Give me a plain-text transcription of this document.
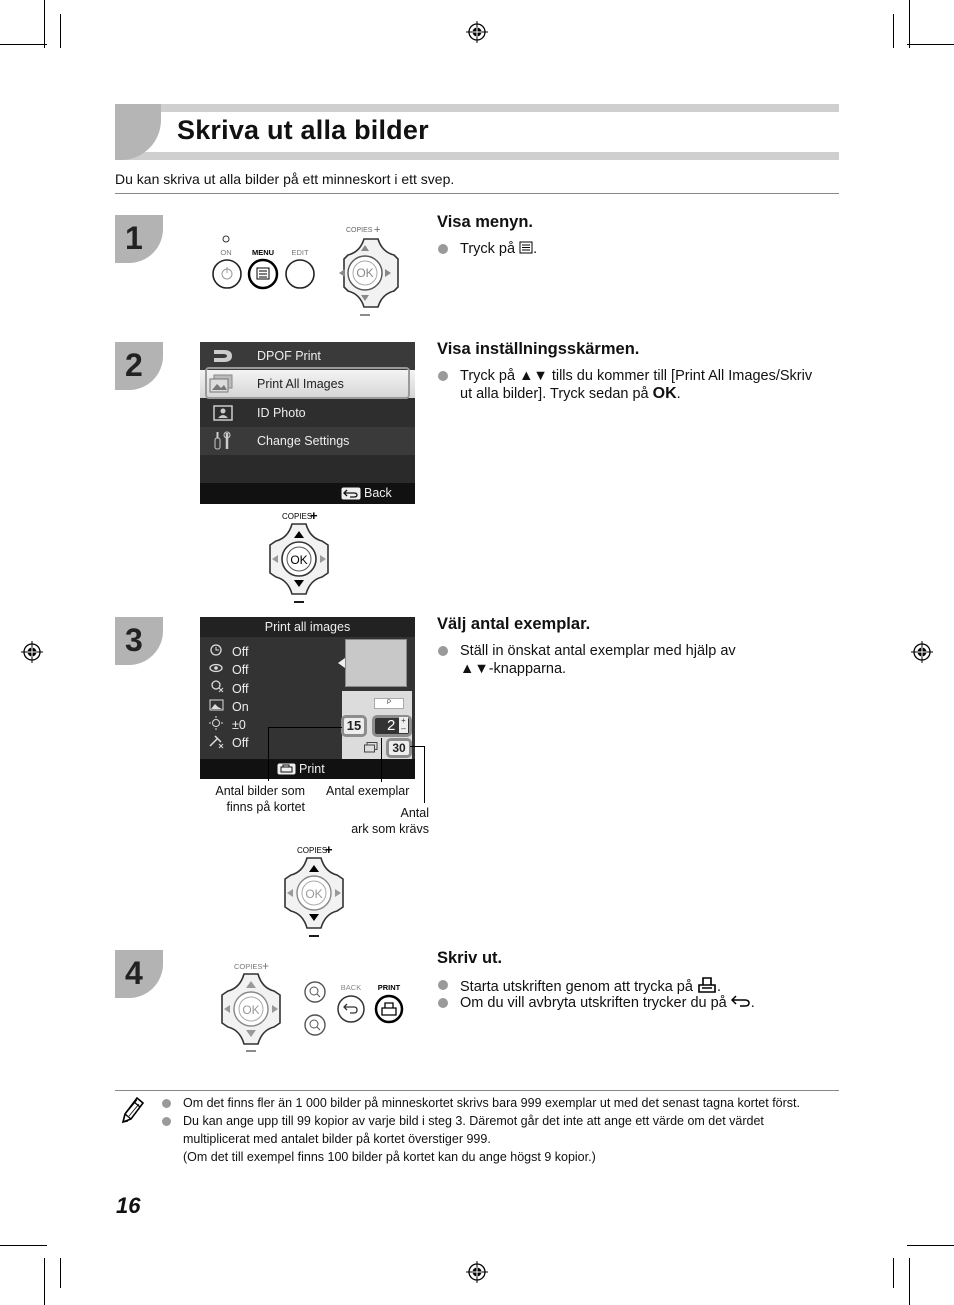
Skriva ut alla bilder
Du kan skriva ut alla bilder på ett minneskort i ett svep.
1	ON	MENU EDIT
COPIES +
OK
Visa menyn.
Tryck på .
2	DPOF Print
Print All Images
ID Photo
Change Settings
Back
COPIES
+
OK
Visa inställningsskärmen.
Tryck på ▲▼ tills du kommer till [Print All Images/Skriv
ut alla bilder]. Tryck sedan på OK.
3	Print all images
Off
Off
Off
On
±0
Off
P
15	2 +
–
30
Print
Antal bilder som
finns på kortet
Antal exemplar
Antal
ark som krävs
COPIES
+
OK
Välj antal exemplar.
Ställ in önskat antal exemplar med hjälp av
▲▼-knapparna.
4	COPIES +
OK
BACK PRINT
Skriv ut.
Starta utskriften genom att trycka på .
Om du vill avbryta utskriften trycker du på .
Om det finns fler än 1 000 bilder på minneskortet skrivs bara 999 exemplar ut med det senast tagna kortet först.
Du kan ange upp till 99 kopior av varje bild i steg 3. Däremot går det inte att ange ett värde om det värdet
multiplicerat med antalet bilder på kortet överstiger 999.
(Om det till exempel finns 100 bilder på kortet kan du ange högst 9 kopior.)
16
